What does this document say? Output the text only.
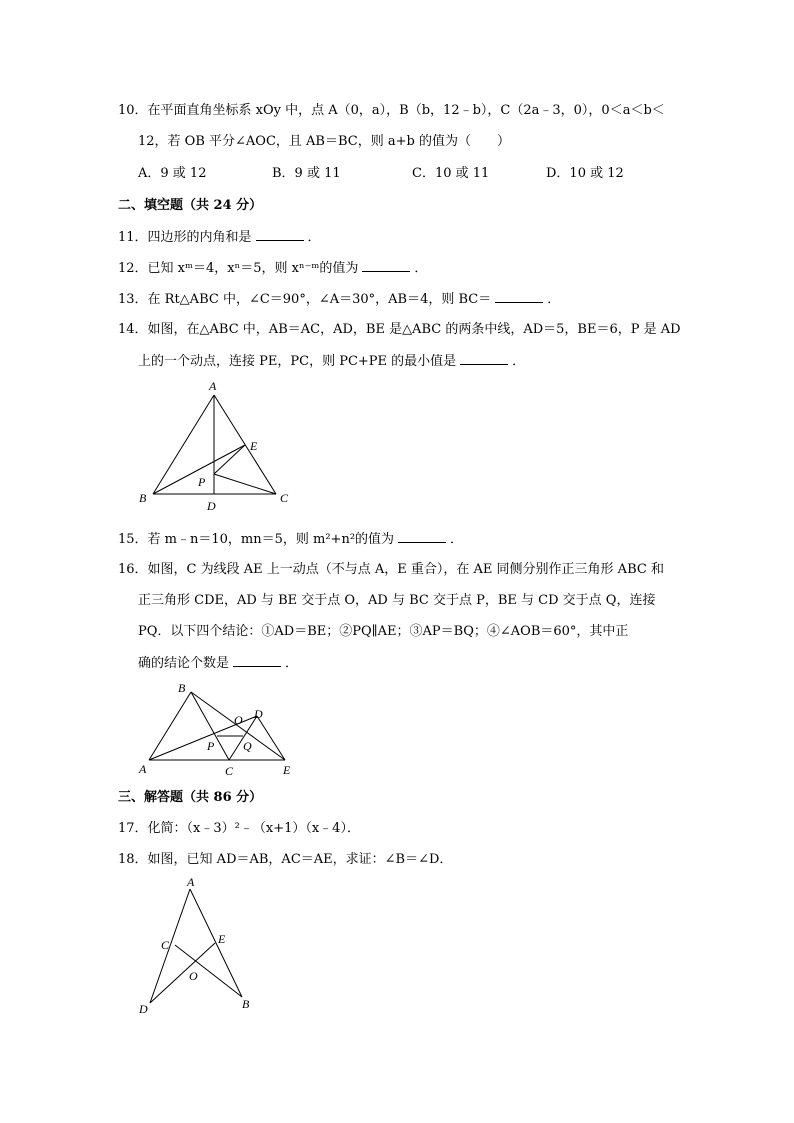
10．在平面直角坐标系 xOy 中，点 A（0，a），B（b，12﹣b），C（2a﹣3，0），0＜a＜b＜
12，若 OB 平分∠AOC，且 AB＝BC，则 a+b 的值为（　　）
A．9 或 12	B．9 或 11	C．10 或 11	D．10 或 12
二、填空题（共 24 分）
11．四边形的内角和是	．
12．已知 xᵐ＝4，xⁿ＝5，则 xⁿ⁻ᵐ的值为	．
13．在 Rt△ABC 中，∠C＝90°，∠A＝30°，AB＝4，则 BC＝	．
14．如图，在△ABC 中，AB＝AC，AD，BE 是△ABC 的两条中线，AD＝5，BE＝6，P 是 AD
上的一个动点，连接 PE，PC，则 PC+PE 的最小值是	．
A
B	C
D
E
P
15．若 m﹣n＝10，mn＝5，则 m²+n²的值为	．
16．如图，C 为线段 AE 上一动点（不与点 A，E 重合），在 AE 同侧分别作正三角形 ABC 和
正三角形 CDE，AD 与 BE 交于点 O，AD 与 BC 交于点 P，BE 与 CD 交于点 Q，连接
PQ．以下四个结论：①AD＝BE；②PQ∥AE；③AP＝BQ；④∠AOB＝60°，其中正
确的结论个数是	．
A
B
C
D
E
O
P Q
三、解答题（共 86 分）
17．化简：（x﹣3）²﹣（x+1）（x﹣4）．
18．如图，已知 AD＝AB，AC＝AE，求证：∠B＝∠D．
A
B
C
D
E
O
